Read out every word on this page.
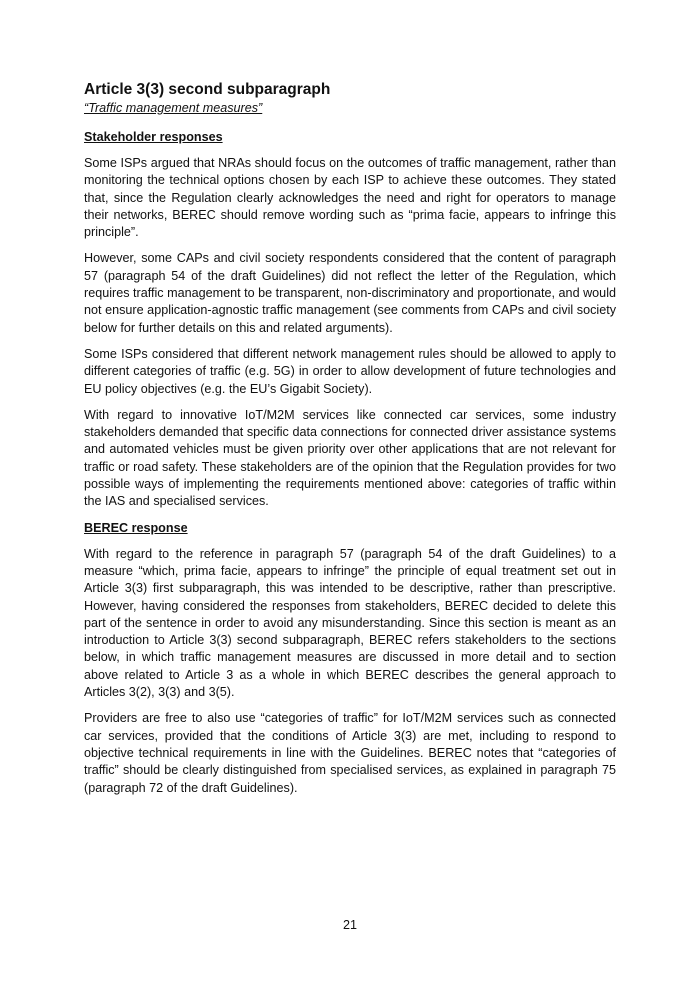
Article 3(3) second subparagraph

“Traffic management measures”

Stakeholder responses

Some ISPs argued that NRAs should focus on the outcomes of traffic management, rather than monitoring the technical options chosen by each ISP to achieve these outcomes. They stated that, since the Regulation clearly acknowledges the need and right for operators to manage their networks, BEREC should remove wording such as “prima facie, appears to infringe this principle”.

However, some CAPs and civil society respondents considered that the content of paragraph 57 (paragraph 54 of the draft Guidelines) did not reflect the letter of the Regulation, which requires traffic management to be transparent, non-discriminatory and proportionate, and would not ensure application-agnostic traffic management (see comments from CAPs and civil society below for further details on this and related arguments).

Some ISPs considered that different network management rules should be allowed to apply to different categories of traffic (e.g. 5G) in order to allow development of future technologies and EU policy objectives (e.g. the EU’s Gigabit Society).

With regard to innovative IoT/M2M services like connected car services, some industry stakeholders demanded that specific data connections for connected driver assistance systems and automated vehicles must be given priority over other applications that are not relevant for traffic or road safety. These stakeholders are of the opinion that the Regulation provides for two possible ways of implementing the requirements mentioned above: categories of traffic within the IAS and specialised services.

BEREC response

With regard to the reference in paragraph 57 (paragraph 54 of the draft Guidelines) to a measure “which, prima facie, appears to infringe” the principle of equal treatment set out in Article 3(3) first subparagraph, this was intended to be descriptive, rather than prescriptive. However, having considered the responses from stakeholders, BEREC decided to delete this part of the sentence in order to avoid any misunderstanding. Since this section is meant as an introduction to Article 3(3) second subparagraph, BEREC refers stakeholders to the sections below, in which traffic management measures are discussed in more detail and to section above related to Article 3 as a whole in which BEREC describes the general approach to Articles 3(2), 3(3) and 3(5).

Providers are free to also use “categories of traffic” for IoT/M2M services such as connected car services, provided that the conditions of Article 3(3) are met, including to respond to objective technical requirements in line with the Guidelines. BEREC notes that “categories of traffic” should be clearly distinguished from specialised services, as explained in paragraph 75 (paragraph 72 of the draft Guidelines).

21
